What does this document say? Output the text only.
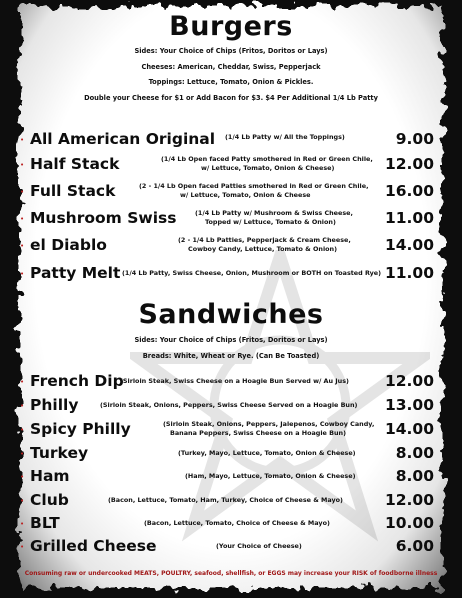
Burgers
Sides: Your Choice of Chips (Fritos, Doritos or Lays)
Cheeses: American, Cheddar, Swiss, Pepperjack
Toppings: Lettuce, Tomato, Onion & Pickles.
Double your Cheese for $1 or Add Bacon for $3. $4 Per Additional 1/4 Lb Patty
• All American Original (1/4 Lb Patty w/ All the Toppings)	9.00
• Half Stack	(1/4 Lb Open faced Patty smothered in Red or Green Chile,
w/ Lettuce, Tomato, Onion & Cheese)	12.00
• Full Stack	(2 - 1/4 Lb Open faced Patties smothered in Red or Green Chile,
w/ Lettuce, Tomato, Onion & Cheese	16.00
• Mushroom Swiss	(1/4 Lb Patty w/ Mushroom & Swiss Cheese,
Topped w/ Lettuce, Tomato & Onion)	11.00
• el Diablo	(2 - 1/4 Lb Patties, Pepperjack & Cream Cheese,
Cowboy Candy, Lettuce, Tomato & Onion)	14.00
• Patty Melt (1/4 Lb Patty, Swiss Cheese, Onion, Mushroom or BOTH on Toasted Rye) 11.00
Sandwiches
Sides: Your Choice of Chips (Fritos, Doritos or Lays)
Breads: White, Wheat or Rye. (Can Be Toasted)
• French Dip
(Sirloin Steak, Swiss Cheese on a Hoagie Bun Served w/ Au Jus) 12.00
• Philly	(Sirloin Steak, Onions, Peppers, Swiss Cheese Served on a Hoagie Bun) 13.00
• Spicy Philly	(Sirloin Steak, Onions, Peppers, Jalepenos, Cowboy Candy,
Banana Peppers, Swiss Cheese on a Hoagie Bun)	14.00
• Turkey	(Turkey, Mayo, Lettuce, Tomato, Onion & Cheese)	8.00
• Ham	(Ham, Mayo, Lettuce, Tomato, Onion & Cheese)	8.00
• Club	(Bacon, Lettuce, Tomato, Ham, Turkey, Choice of Cheese & Mayo)	12.00
• BLT	(Bacon, Lettuce, Tomato, Choice of Cheese & Mayo)	10.00
• Grilled Cheese	(Your Choice of Cheese)	6.00
Consuming raw or undercooked MEATS, POULTRY, seafood, shellfish, or EGGS may increase your RISK of foodborne illness
